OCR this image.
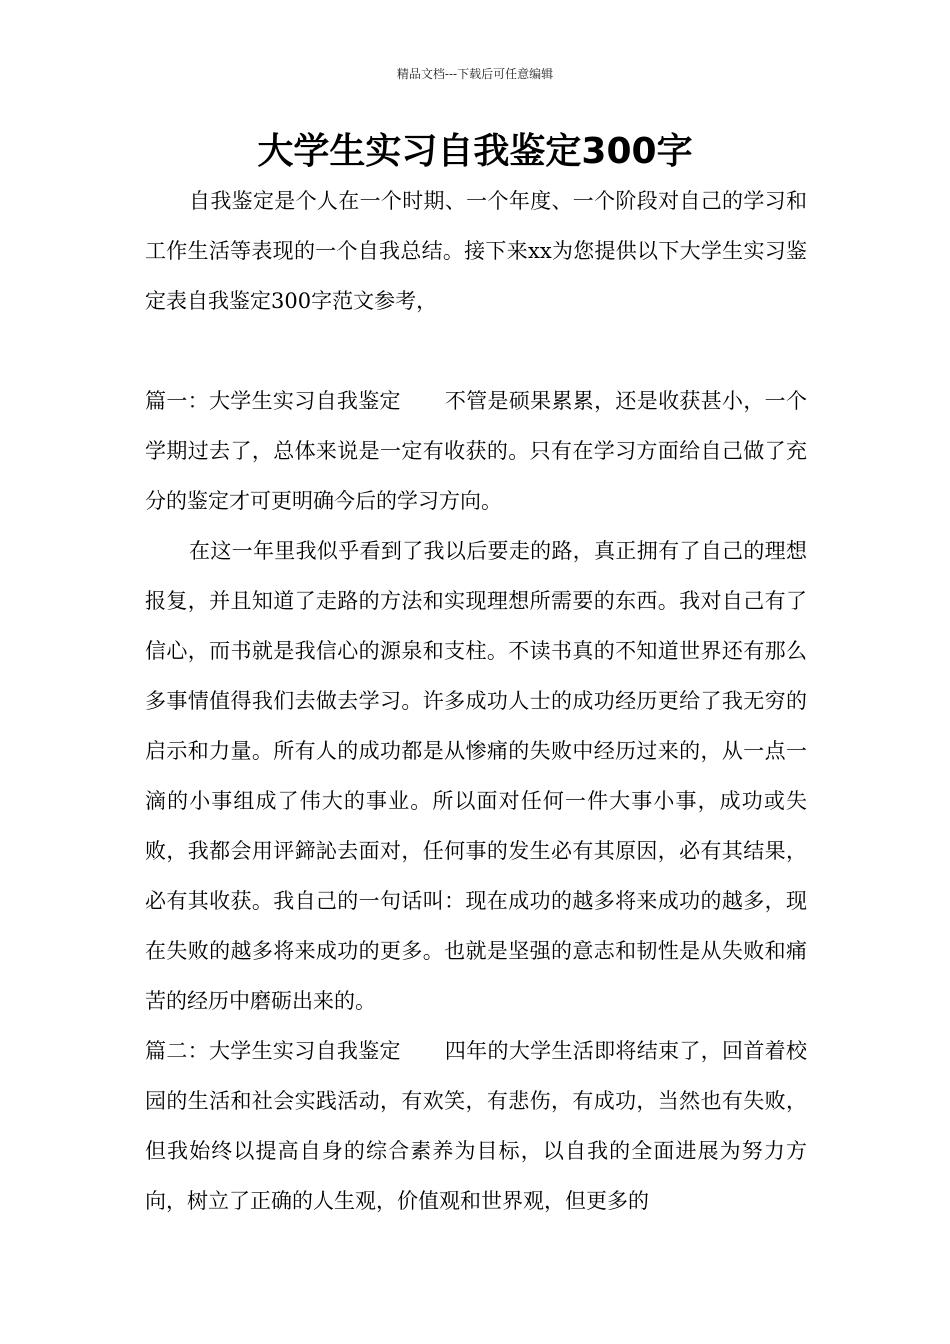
精品文档---下载后可任意编辑
大学生实习自我鉴定300字

自我鉴定是个人在一个时期、一个年度、一个阶段对自己的学习和工作生活等表现的一个自我总结。接下来xx为您提供以下大学生实习鉴定表自我鉴定300字范文参考，

篇一：大学生实习自我鉴定 不管是硕果累累，还是收获甚小，一个学期过去了，总体来说是一定有收获的。只有在学习方面给自己做了充分的鉴定才可更明确今后的学习方向。

在这一年里我似乎看到了我以后要走的路，真正拥有了自己的理想报复，并且知道了走路的方法和实现理想所需要的东西。我对自己有了信心，而书就是我信心的源泉和支柱。不读书真的不知道世界还有那么多事情值得我们去做去学习。许多成功人士的成功经历更给了我无穷的启示和力量。所有人的成功都是从惨痛的失败中经历过来的，从一点一滴的小事组成了伟大的事业。所以面对任何一件大事小事，成功或失败，我都会用评鍗訫去面对，任何事的发生必有其原因，必有其结果，必有其收获。我自己的一句话叫：现在成功的越多将来成功的越多，现在失败的越多将来成功的更多。也就是坚强的意志和韧性是从失败和痛苦的经历中磨砺出来的。

篇二：大学生实习自我鉴定 四年的大学生活即将结束了，回首着校园的生活和社会实践活动，有欢笑，有悲伤，有成功，当然也有失败，但我始终以提高自身的综合素养为目标，以自我的全面进展为努力方向，树立了正确的人生观，价值观和世界观，但更多的
